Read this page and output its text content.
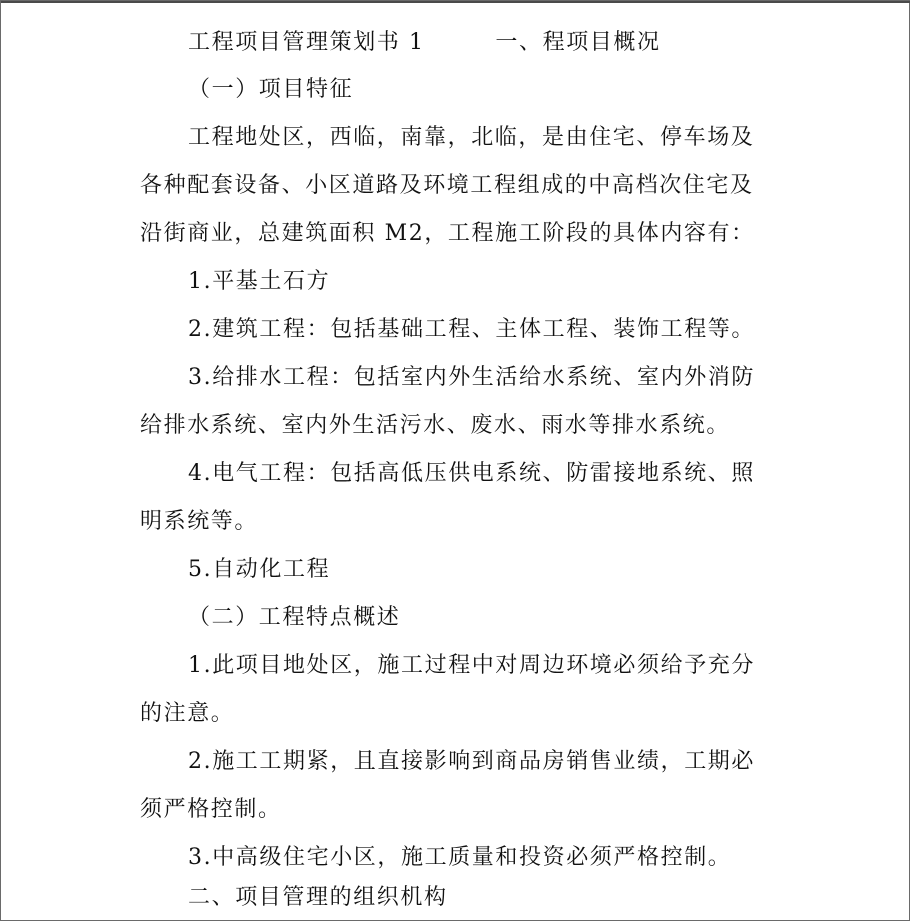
工程项目管理策划书 1　　　一、程项目概况
（一）项目特征
工程地处区，西临，南靠，北临，是由住宅、停车场及
各种配套设备、小区道路及环境工程组成的中高档次住宅及
沿街商业，总建筑面积 M2，工程施工阶段的具体内容有：
1.平基土石方
2.建筑工程：包括基础工程、主体工程、装饰工程等。
3.给排水工程：包括室内外生活给水系统、室内外消防
给排水系统、室内外生活污水、废水、雨水等排水系统。
4.电气工程：包括高低压供电系统、防雷接地系统、照
明系统等。
5.自动化工程
（二）工程特点概述
1.此项目地处区，施工过程中对周边环境必须给予充分
的注意。
2.施工工期紧，且直接影响到商品房销售业绩，工期必
须严格控制。
3.中高级住宅小区，施工质量和投资必须严格控制。
二、项目管理的组织机构
